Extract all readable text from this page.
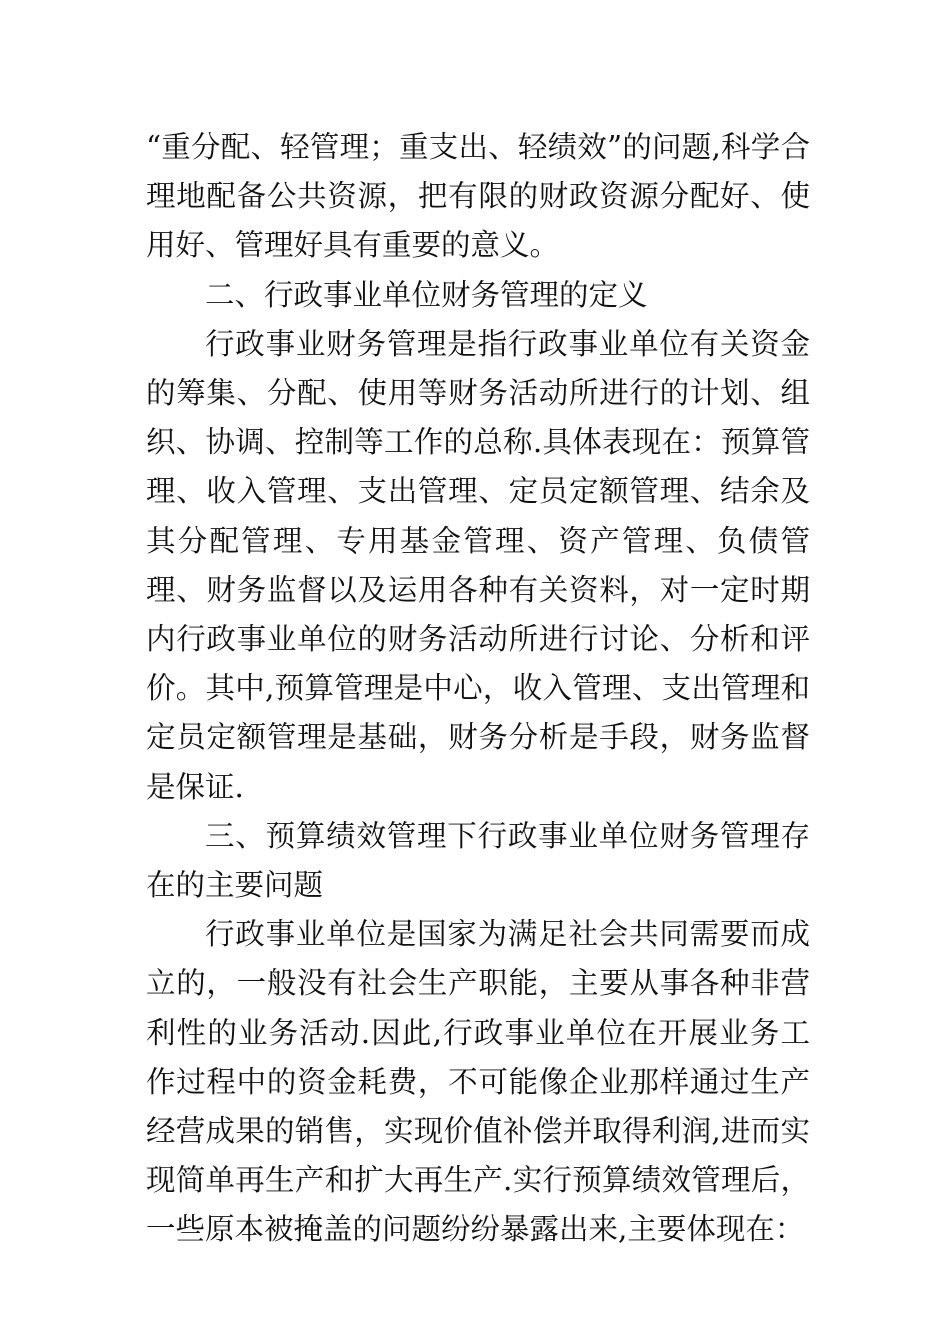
“重分配、轻管理；重支出、轻绩效”的问题,科学合理地配备公共资源，把有限的财政资源分配好、使用好、管理好具有重要的意义。

二、行政事业单位财务管理的定义

行政事业财务管理是指行政事业单位有关资金的筹集、分配、使用等财务活动所进行的计划、组织、协调、控制等工作的总称.具体表现在：预算管理、收入管理、支出管理、定员定额管理、结余及其分配管理、专用基金管理、资产管理、负债管理、财务监督以及运用各种有关资料，对一定时期内行政事业单位的财务活动所进行讨论、分析和评价。其中,预算管理是中心，收入管理、支出管理和定员定额管理是基础，财务分析是手段，财务监督是保证.

三、预算绩效管理下行政事业单位财务管理存在的主要问题

行政事业单位是国家为满足社会共同需要而成立的，一般没有社会生产职能，主要从事各种非营利性的业务活动.因此,行政事业单位在开展业务工作过程中的资金耗费，不可能像企业那样通过生产经营成果的销售，实现价值补偿并取得利润,进而实现简单再生产和扩大再生产.实行预算绩效管理后，一些原本被掩盖的问题纷纷暴露出来,主要体现在：
